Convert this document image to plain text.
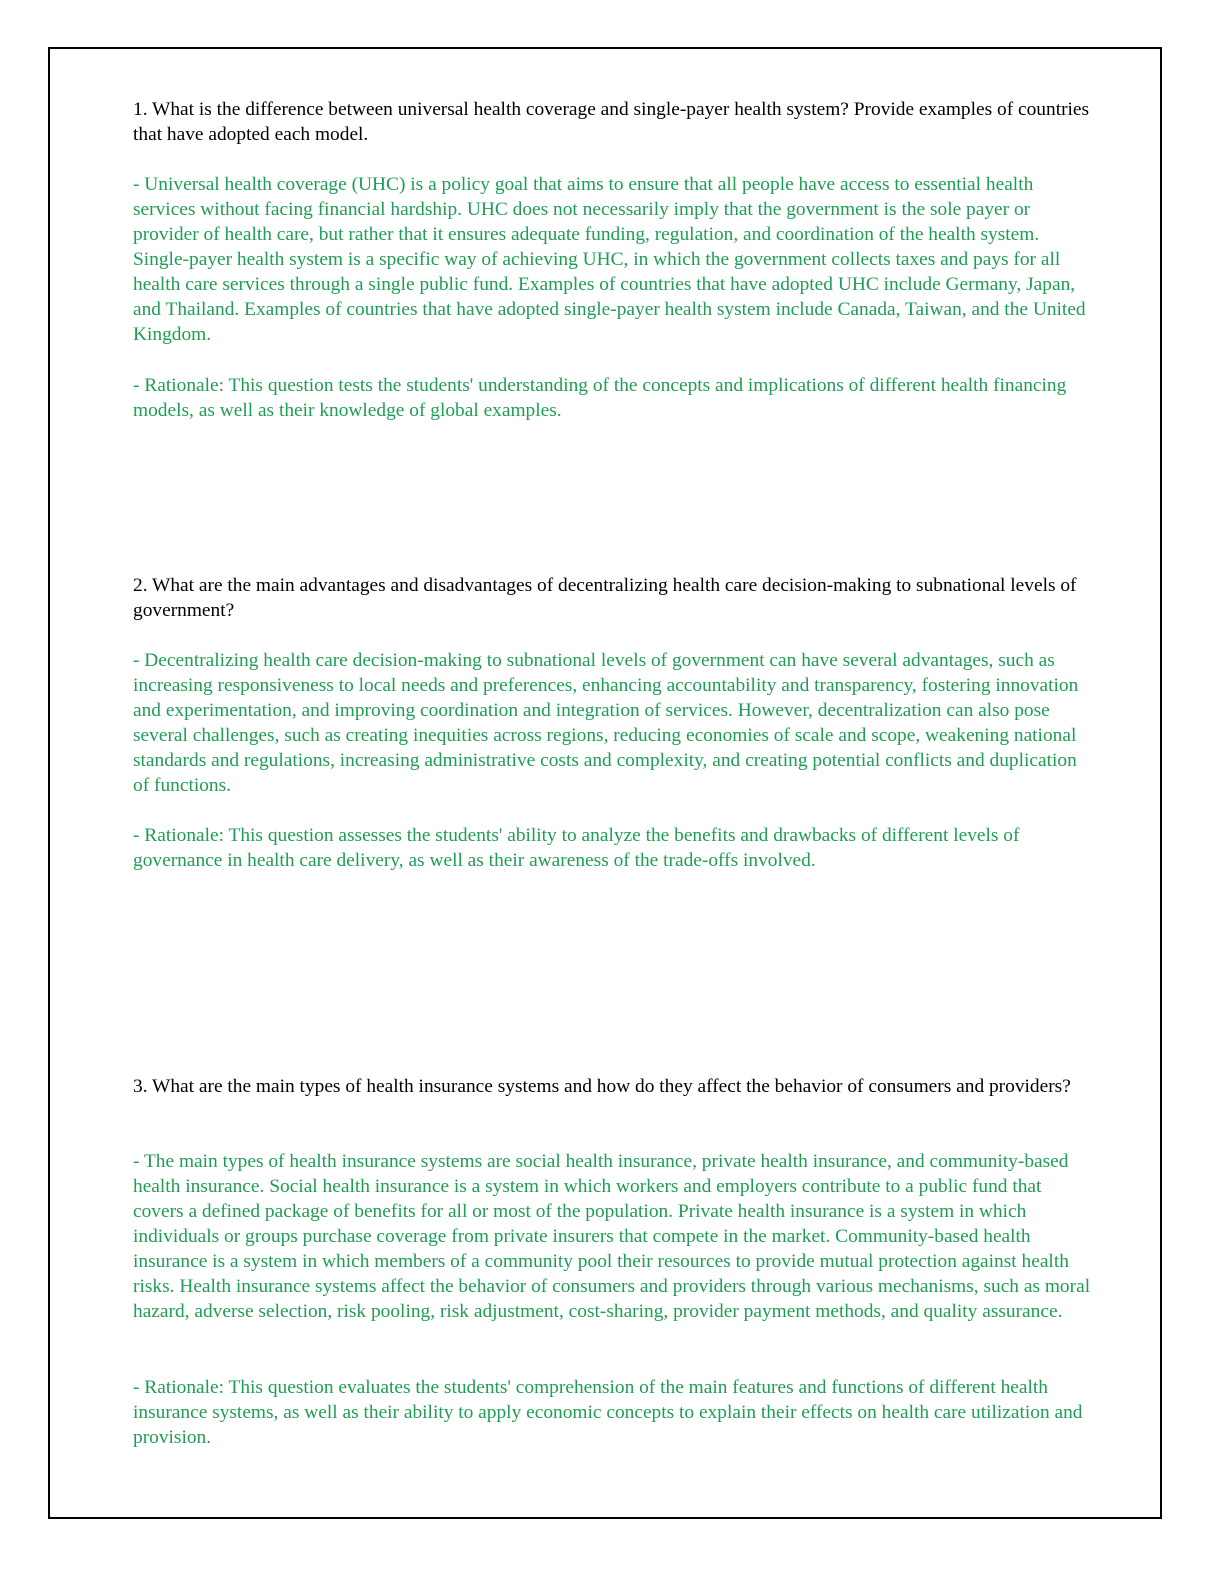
1. What is the difference between universal health coverage and single-payer health system? Provide examples of countries that have adopted each model.

- Universal health coverage (UHC) is a policy goal that aims to ensure that all people have access to essential health services without facing financial hardship. UHC does not necessarily imply that the government is the sole payer or provider of health care, but rather that it ensures adequate funding, regulation, and coordination of the health system. Single-payer health system is a specific way of achieving UHC, in which the government collects taxes and pays for all health care services through a single public fund. Examples of countries that have adopted UHC include Germany, Japan, and Thailand. Examples of countries that have adopted single-payer health system include Canada, Taiwan, and the United Kingdom.

- Rationale: This question tests the students' understanding of the concepts and implications of different health financing models, as well as their knowledge of global examples.

2. What are the main advantages and disadvantages of decentralizing health care decision-making to subnational levels of government?

- Decentralizing health care decision-making to subnational levels of government can have several advantages, such as increasing responsiveness to local needs and preferences, enhancing accountability and transparency, fostering innovation and experimentation, and improving coordination and integration of services. However, decentralization can also pose several challenges, such as creating inequities across regions, reducing economies of scale and scope, weakening national standards and regulations, increasing administrative costs and complexity, and creating potential conflicts and duplication of functions.

- Rationale: This question assesses the students' ability to analyze the benefits and drawbacks of different levels of governance in health care delivery, as well as their awareness of the trade-offs involved.

3. What are the main types of health insurance systems and how do they affect the behavior of consumers and providers?

- The main types of health insurance systems are social health insurance, private health insurance, and community-based health insurance. Social health insurance is a system in which workers and employers contribute to a public fund that covers a defined package of benefits for all or most of the population. Private health insurance is a system in which individuals or groups purchase coverage from private insurers that compete in the market. Community-based health insurance is a system in which members of a community pool their resources to provide mutual protection against health risks. Health insurance systems affect the behavior of consumers and providers through various mechanisms, such as moral hazard, adverse selection, risk pooling, risk adjustment, cost-sharing, provider payment methods, and quality assurance.

- Rationale: This question evaluates the students' comprehension of the main features and functions of different health insurance systems, as well as their ability to apply economic concepts to explain their effects on health care utilization and provision.
